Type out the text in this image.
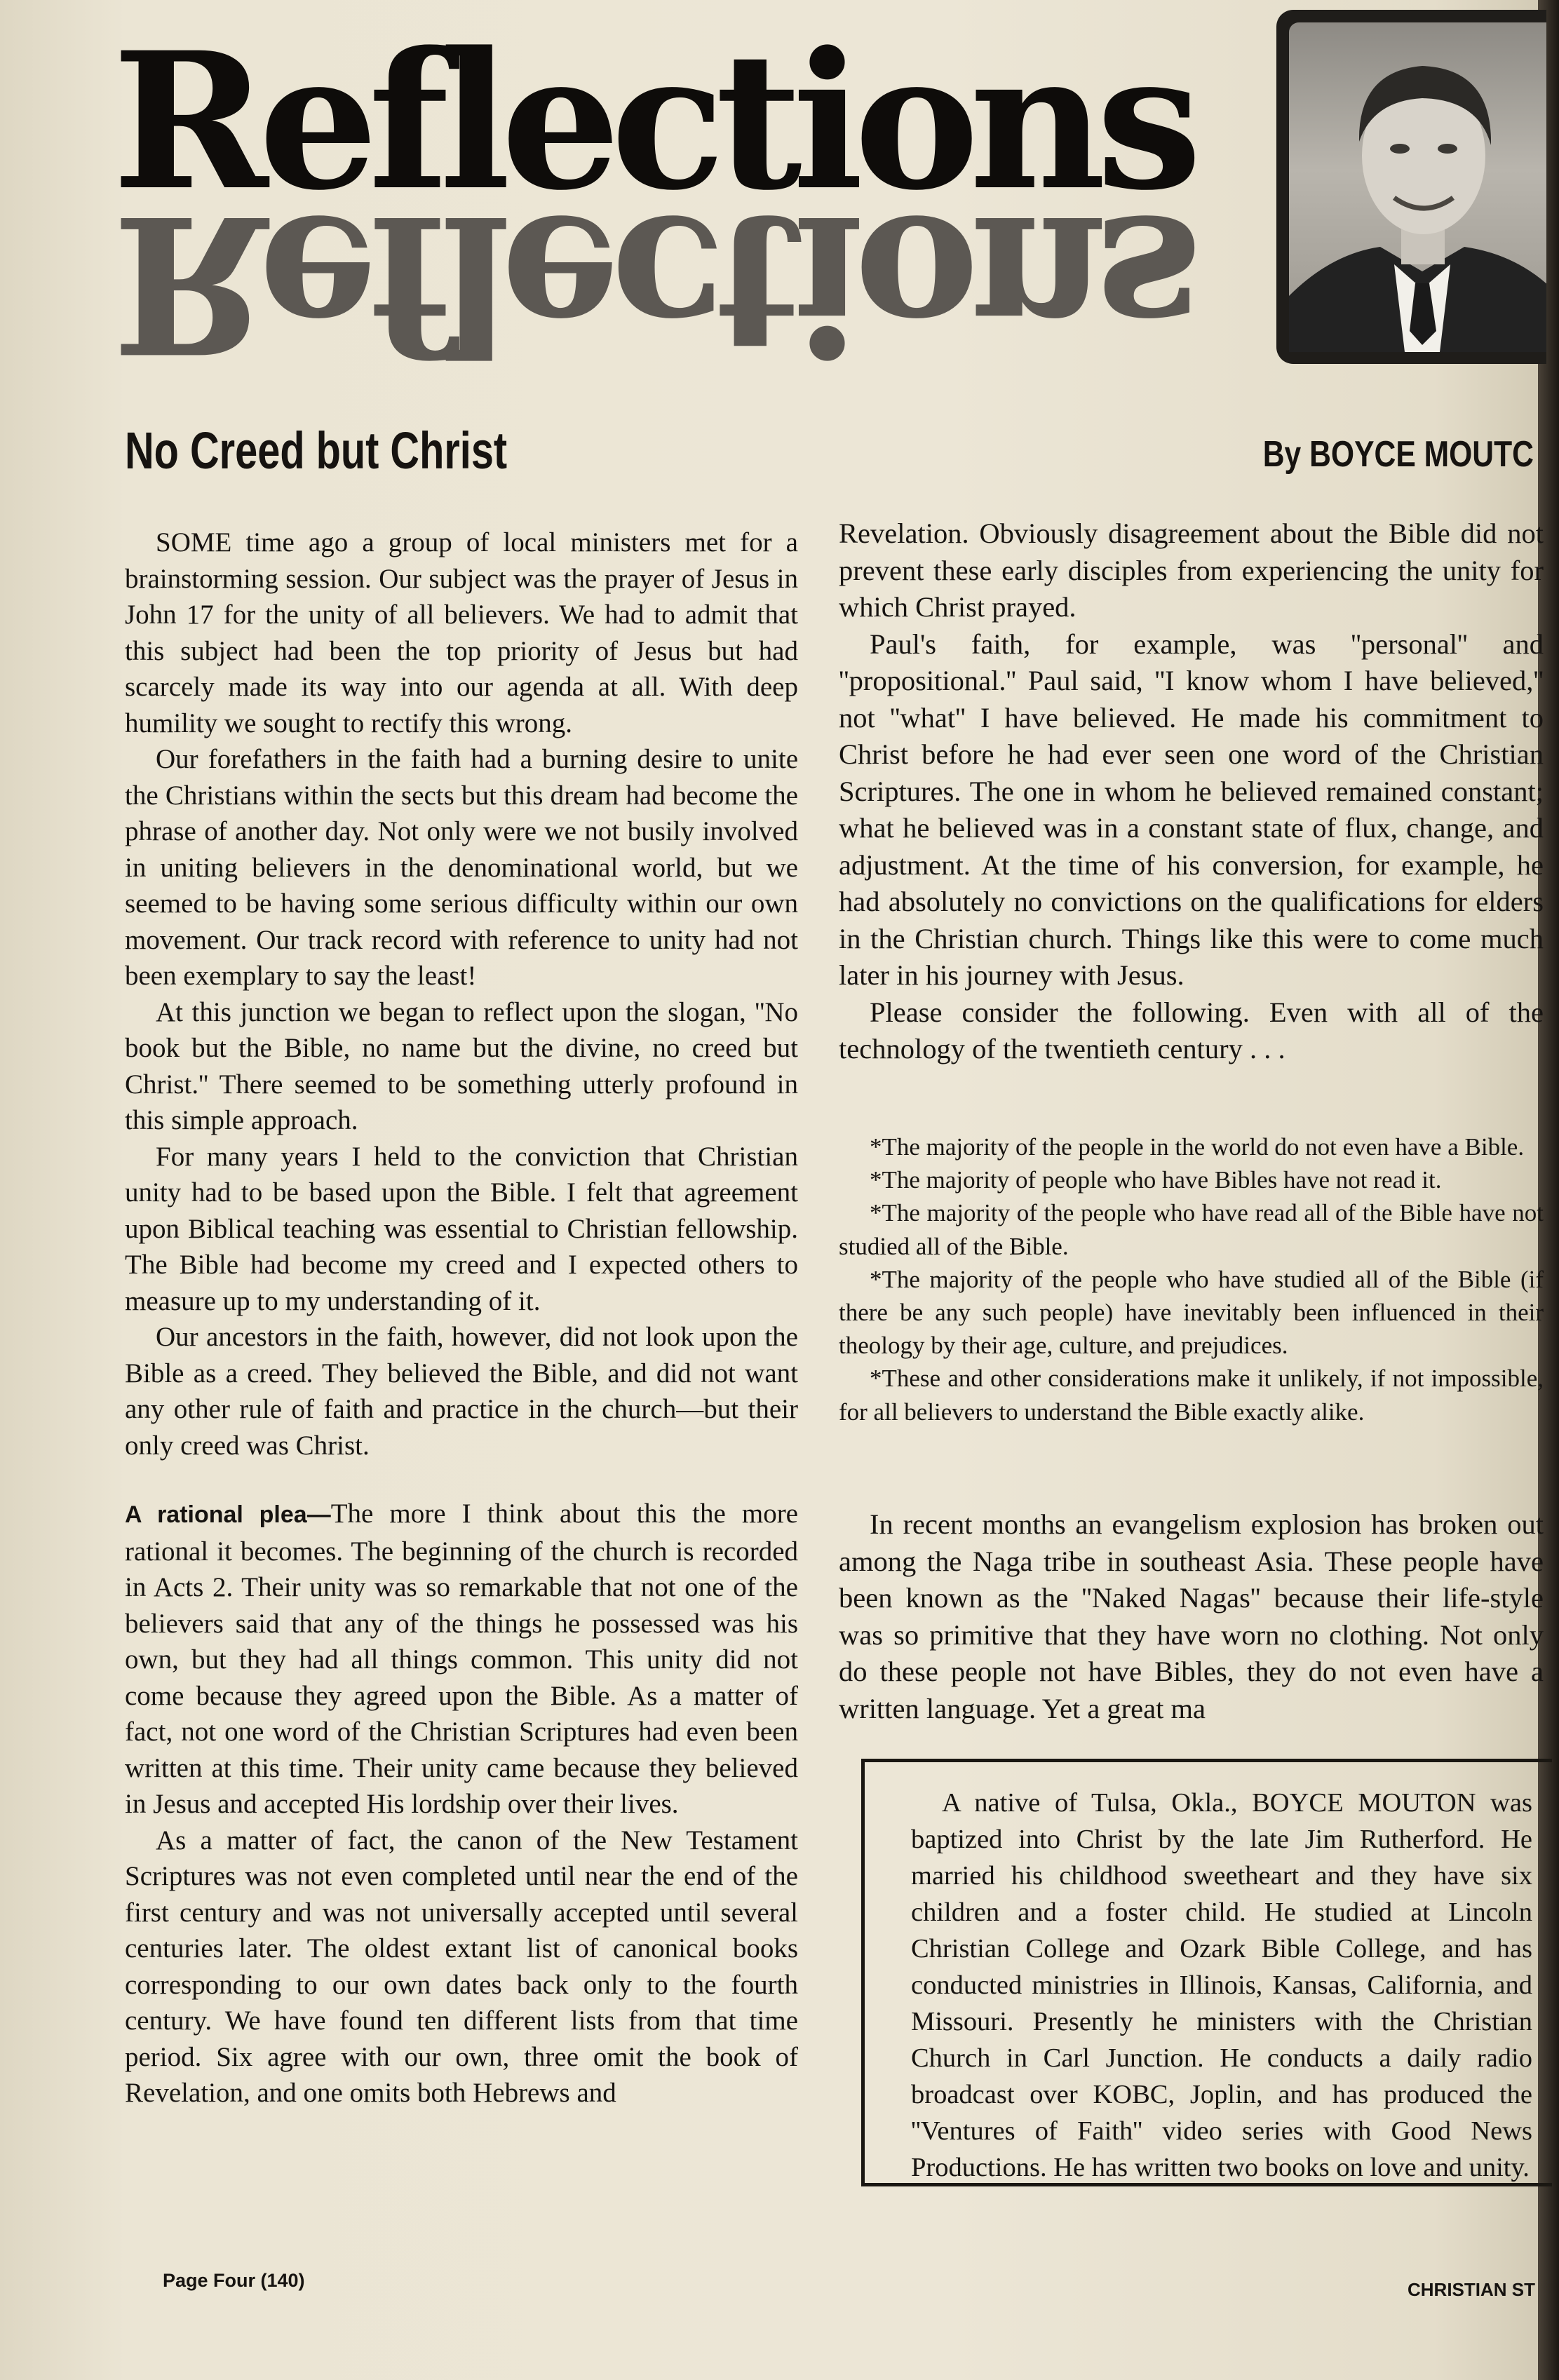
Reflections
Reflections
No Creed but Christ	By BOYCE MOUTC

SOME time ago a group of local ministers met for a brainstorming session. Our subject was the prayer of Jesus in John 17 for the unity of all believers. We had to admit that this subject had been the top priority of Jesus but had scarcely made its way into our agenda at all. With deep humility we sought to rectify this wrong.

Our forefathers in the faith had a burning desire to unite the Christians within the sects but this dream had become the phrase of another day. Not only were we not busily involved in uniting believers in the denominational world, but we seemed to be having some serious difficulty within our own movement. Our track record with reference to unity had not been exemplary to say the least!

At this junction we began to reflect upon the slogan, ''No book but the Bible, no name but the divine, no creed but Christ.'' There seemed to be something utterly profound in this simple approach.

For many years I held to the conviction that Christian unity had to be based upon the Bible. I felt that agreement upon Biblical teaching was essential to Christian fellowship. The Bible had become my creed and I expected others to measure up to my understanding of it.

Our ancestors in the faith, however, did not look upon the Bible as a creed. They believed the Bible, and did not want any other rule of faith and practice in the church—but their only creed was Christ.

A rational plea—The more I think about this the more rational it becomes. The beginning of the church is recorded in Acts 2. Their unity was so remarkable that not one of the believers said that any of the things he possessed was his own, but they had all things common. This unity did not come because they agreed upon the Bible. As a matter of fact, not one word of the Christian Scriptures had even been written at this time. Their unity came because they believed in Jesus and accepted His lordship over their lives.

As a matter of fact, the canon of the New Testament Scriptures was not even completed until near the end of the first century and was not universally accepted until several centuries later. The oldest extant list of canonical books corresponding to our own dates back only to the fourth century. We have found ten different lists from that time period. Six agree with our own, three omit the book of Revelation, and one omits both Hebrews and

Revelation. Obviously disagreement about the Bible did not prevent these early disciples from experiencing the unity for which Christ prayed.

Paul's faith, for example, was ''personal'' and ''propositional.'' Paul said, ''I know whom I have believed,'' not ''what'' I have believed. He made his commitment to Christ before he had ever seen one word of the Christian Scriptures. The one in whom he believed remained constant; what he believed was in a constant state of flux, change, and adjustment. At the time of his conversion, for example, he had absolutely no convictions on the qualifications for elders in the Christian church. Things like this were to come much later in his journey with Jesus.

Please consider the following. Even with all of the technology of the twentieth century . . .

*The majority of the people in the world do not even have a Bible.

*The majority of people who have Bibles have not read it.

*The majority of the people who have read all of the Bible have not studied all of the Bible.

*The majority of the people who have studied all of the Bible (if there be any such people) have inevitably been influenced in their theology by their age, culture, and prejudices.

*These and other considerations make it unlikely, if not impossible, for all believers to understand the Bible exactly alike.

In recent months an evangelism explosion has broken out among the Naga tribe in southeast Asia. These people have been known as the ''Naked Nagas'' because their life-style was so primitive that they have worn no clothing. Not only do these people not have Bibles, they do not even have a written language. Yet a great ma

A native of Tulsa, Okla., BOYCE MOUTON was baptized into Christ by the late Jim Rutherford. He married his childhood sweetheart and they have six children and a foster child. He studied at Lincoln Christian College and Ozark Bible College, and has conducted ministries in Illinois, Kansas, California, and Missouri. Presently he ministers with the Christian Church in Carl Junction. He conducts a daily radio broadcast over KOBC, Joplin, and has produced the ''Ventures of Faith'' video series with Good News Productions. He has written two books on love and unity.

Page Four (140)	CHRISTIAN ST
